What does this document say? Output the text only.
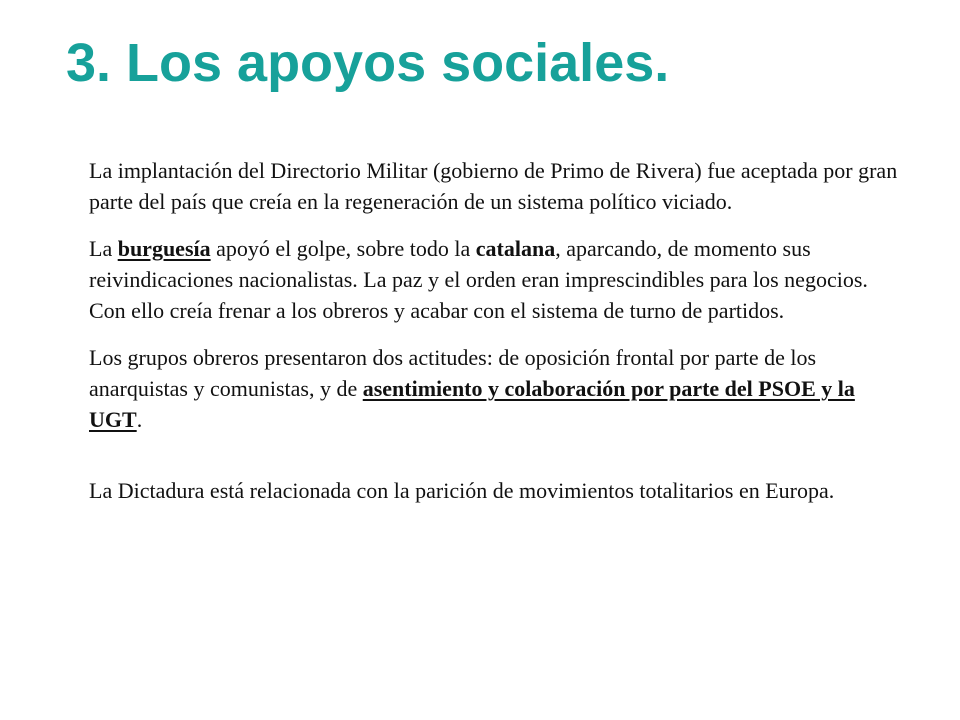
3. Los apoyos sociales.

La implantación del Directorio Militar (gobierno de Primo de Rivera) fue aceptada por gran parte del país que creía en la regeneración de un sistema político viciado.

La burguesía apoyó el golpe, sobre todo la catalana, aparcando, de momento sus reivindicaciones nacionalistas. La paz y el orden eran imprescindibles para los negocios. Con ello creía frenar a los obreros y acabar con el sistema de turno de partidos.

Los grupos obreros presentaron dos actitudes: de oposición frontal por parte de los anarquistas y comunistas, y de asentimiento y colaboración por parte del PSOE y la UGT.

La Dictadura está relacionada con la parición de movimientos totalitarios en Europa.
